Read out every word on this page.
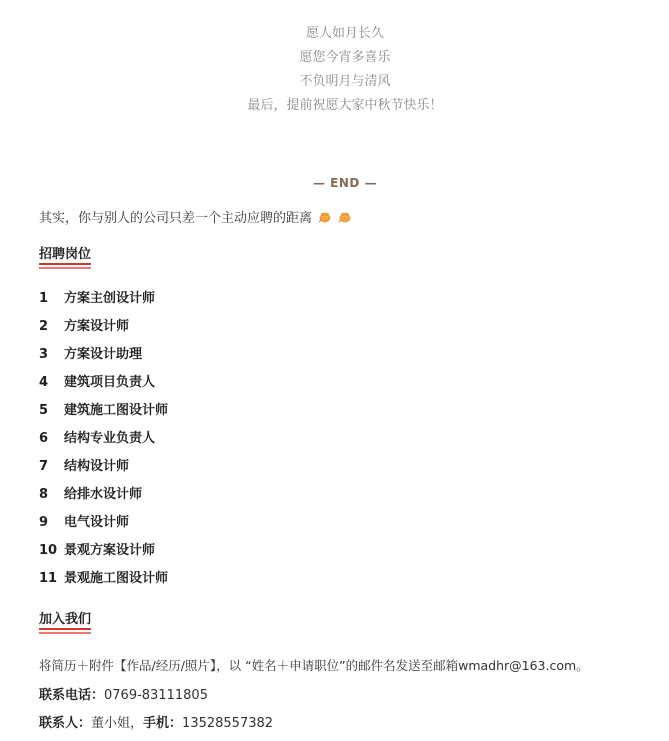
愿人如月长久
愿您今宵多喜乐
不负明月与清风
最后，提前祝愿大家中秋节快乐！
— END —
其实，你与别人的公司只差一个主动应聘的距离
招聘岗位
1	方案主创设计师
2	方案设计师
3	方案设计助理
4	建筑项目负责人
5	建筑施工图设计师
6	结构专业负责人
7	结构设计师
8	给排水设计师
9	电气设计师
10 景观方案设计师
11 景观施工图设计师
加入我们
将简历＋附件【作品/经历/照片】，以 “姓名＋申请职位”的邮件名发送至邮箱wmadhr@163.com。
联系电话：0769-83111805
联系人：董小姐，手机：13528557382
